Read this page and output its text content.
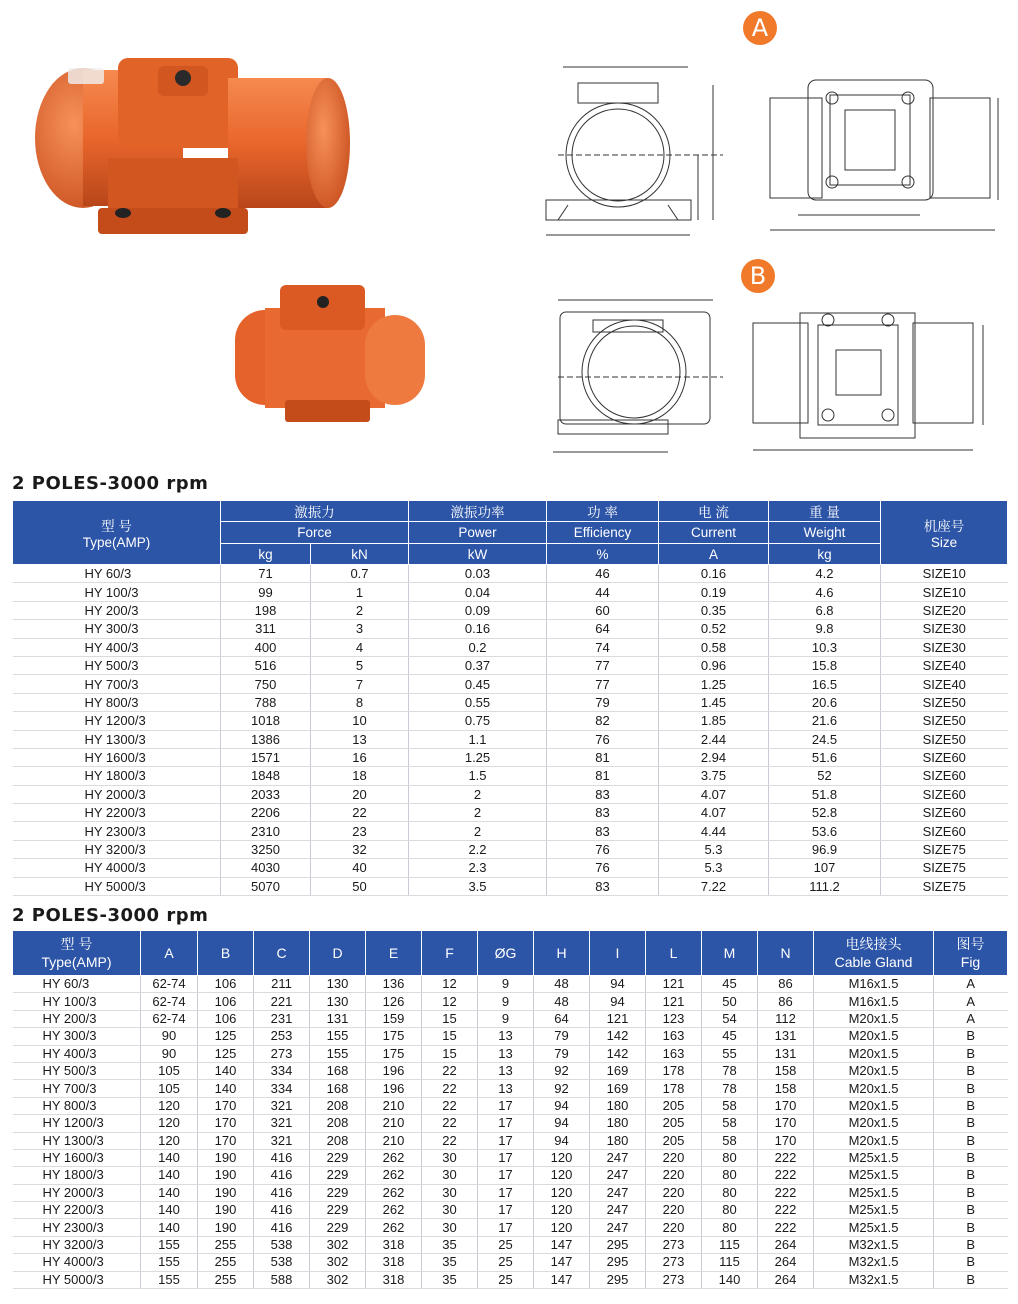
A
B
2 POLES-3000 rpm
型 号
Type(AMP)	激振力		激振功率	功 率	电 流	重 量	机座号
Size

	Force		Power	Efficiency	Current	Weight	
	kg	kN	kW	%	A	kg	
HY 60/3	71	0.7	0.03	46	0.16	4.2	SIZE10
HY 100/3	99	1	0.04	44	0.19	4.6	SIZE10
HY 200/3	198	2	0.09	60	0.35	6.8	SIZE20
HY 300/3	311	3	0.16	64	0.52	9.8	SIZE30
HY 400/3	400	4	0.2	74	0.58	10.3	SIZE30
HY 500/3	516	5	0.37	77	0.96	15.8	SIZE40
HY 700/3	750	7	0.45	77	1.25	16.5	SIZE40
HY 800/3	788	8	0.55	79	1.45	20.6	SIZE50
HY 1200/3	1018	10	0.75	82	1.85	21.6	SIZE50
HY 1300/3	1386	13	1.1	76	2.44	24.5	SIZE50
HY 1600/3	1571	16	1.25	81	2.94	51.6	SIZE60
HY 1800/3	1848	18	1.5	81	3.75	52	SIZE60
HY 2000/3	2033	20	2	83	4.07	51.8	SIZE60
HY 2200/3	2206	22	2	83	4.07	52.8	SIZE60
HY 2300/3	2310	23	2	83	4.44	53.6	SIZE60
HY 3200/3	3250	32	2.2	76	5.3	96.9	SIZE75
HY 4000/3	4030	40	2.3	76	5.3	107	SIZE75
HY 5000/3	5070	50	3.5	83	7.22	111.2	SIZE75
2 POLES-3000 rpm
型 号
Type(AMP)	A	B	C	D	E	F	ØG	H	I	L	M	N	电线接头
Cable Gland	图号
Fig

HY 60/3	62-74	106	211	130	136	12	9	48	94	121	45	86	M16x1.5	A
HY 100/3	62-74	106	221	130	126	12	9	48	94	121	50	86	M16x1.5	A
HY 200/3	62-74	106	231	131	159	15	9	64	121	123	54	112	M20x1.5	A
HY 300/3	90	125	253	155	175	15	13	79	142	163	45	131	M20x1.5	B
HY 400/3	90	125	273	155	175	15	13	79	142	163	55	131	M20x1.5	B
HY 500/3	105	140	334	168	196	22	13	92	169	178	78	158	M20x1.5	B
HY 700/3	105	140	334	168	196	22	13	92	169	178	78	158	M20x1.5	B
HY 800/3	120	170	321	208	210	22	17	94	180	205	58	170	M20x1.5	B
HY 1200/3	120	170	321	208	210	22	17	94	180	205	58	170	M20x1.5	B
HY 1300/3	120	170	321	208	210	22	17	94	180	205	58	170	M20x1.5	B
HY 1600/3	140	190	416	229	262	30	17	120	247	220	80	222	M25x1.5	B
HY 1800/3	140	190	416	229	262	30	17	120	247	220	80	222	M25x1.5	B
HY 2000/3	140	190	416	229	262	30	17	120	247	220	80	222	M25x1.5	B
HY 2200/3	140	190	416	229	262	30	17	120	247	220	80	222	M25x1.5	B
HY 2300/3	140	190	416	229	262	30	17	120	247	220	80	222	M25x1.5	B
HY 3200/3	155	255	538	302	318	35	25	147	295	273	115	264	M32x1.5	B
HY 4000/3	155	255	538	302	318	35	25	147	295	273	115	264	M32x1.5	B
HY 5000/3	155	255	588	302	318	35	25	147	295	273	140	264	M32x1.5	B
